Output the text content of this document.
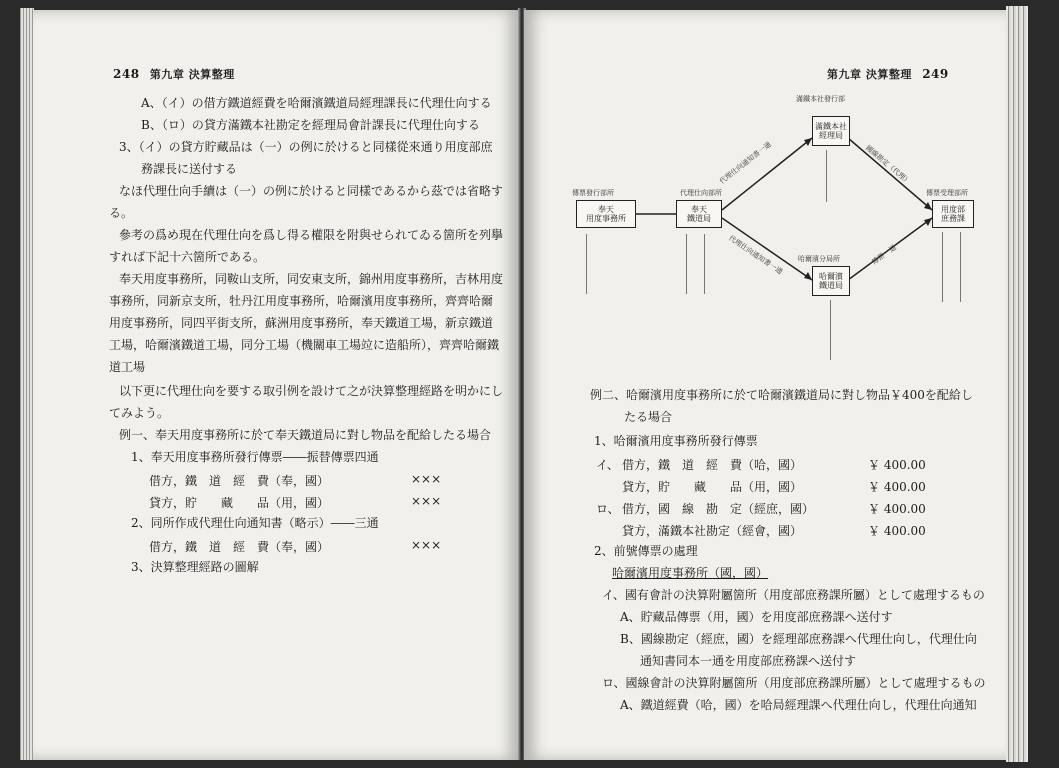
248 第九章 決算整理
A、（イ）の借方鐵道經費を哈爾濱鐵道局經理課長に代理仕向する
B、（ロ）の貸方滿鐵本社勘定を經理局會計課長に代理仕向する
3、（イ）の貸方貯藏品は（一）の例に於けると同樣從來通り用度部庶
務課長に送付する
なほ代理仕向手續は（一）の例に於けると同樣であるから茲では省略す
る。
參考の爲め現在代理仕向を爲し得る權限を附與せられてゐる箇所を列擧
すれば下記十六箇所である。
奉天用度事務所，同鞍山支所，同安東支所，錦州用度事務所，吉林用度
事務所，同新京支所，牡丹江用度事務所，哈爾濱用度事務所，齊齊哈爾
用度事務所，同四平街支所，蘇洲用度事務所，奉天鐵道工場，新京鐵道
工場，哈爾濱鐵道工場，同分工場（機關車工場竝に造船所），齊齊哈爾鐵
道工場
以下更に代理仕向を要する取引例を設けて之が決算整理經路を明かにし
てみよう。
例一、奉天用度事務所に於て奉天鐵道局に對し物品を配給したる場合
1、奉天用度事務所發行傳票――振替傳票四通
借方，鐵　道　經　費（奉，國）	×××
貸方，貯　　藏　　品（用，國）	×××
2、同所作成代理仕向通知書（略示）――三通
借方，鐵　道　經　費（奉，國）	×××
3、決算整理經路の圖解
第九章 決算整理 249
滿鐵本社發行部
滿鐵本社
經理局
傳票發行部所
奉天
用度事務所
代理仕向部所
奉天
鐵道局
哈爾濱分局所
哈爾濱
鐵道局
傳票受理部所
用度部
庶務課
代理仕向通知書一通
代理仕向通知書一通
國線勘定（代理）
傳票一通
例二、哈爾濱用度事務所に於て哈爾濱鐵道局に對し物品￥400を配給し
たる場合
1、哈爾濱用度事務所發行傳票
イ、 借方，鐵　道　經　費（哈，國）	￥ 400.00
貸方，貯　　藏　　品（用，國）	￥ 400.00
ロ、 借方，國　線　勘　定（經庶，國）	￥ 400.00
貸方，滿鐵本社勘定（經會，國）	￥ 400.00
2、前號傳票の處理
哈爾濱用度事務所（國，國）
イ、國有會計の決算附屬箇所（用度部庶務課所屬）として處理するもの
A、貯藏品傳票（用，國）を用度部庶務課へ送付す
B、國線勘定（經庶，國）を經理部庶務課へ代理仕向し，代理仕向
通知書同本一通を用度部庶務課へ送付す
ロ、國線會計の決算附屬箇所（用度部庶務課所屬）として處理するもの
A、鐵道經費（哈，國）を哈局經理課へ代理仕向し，代理仕向通知
